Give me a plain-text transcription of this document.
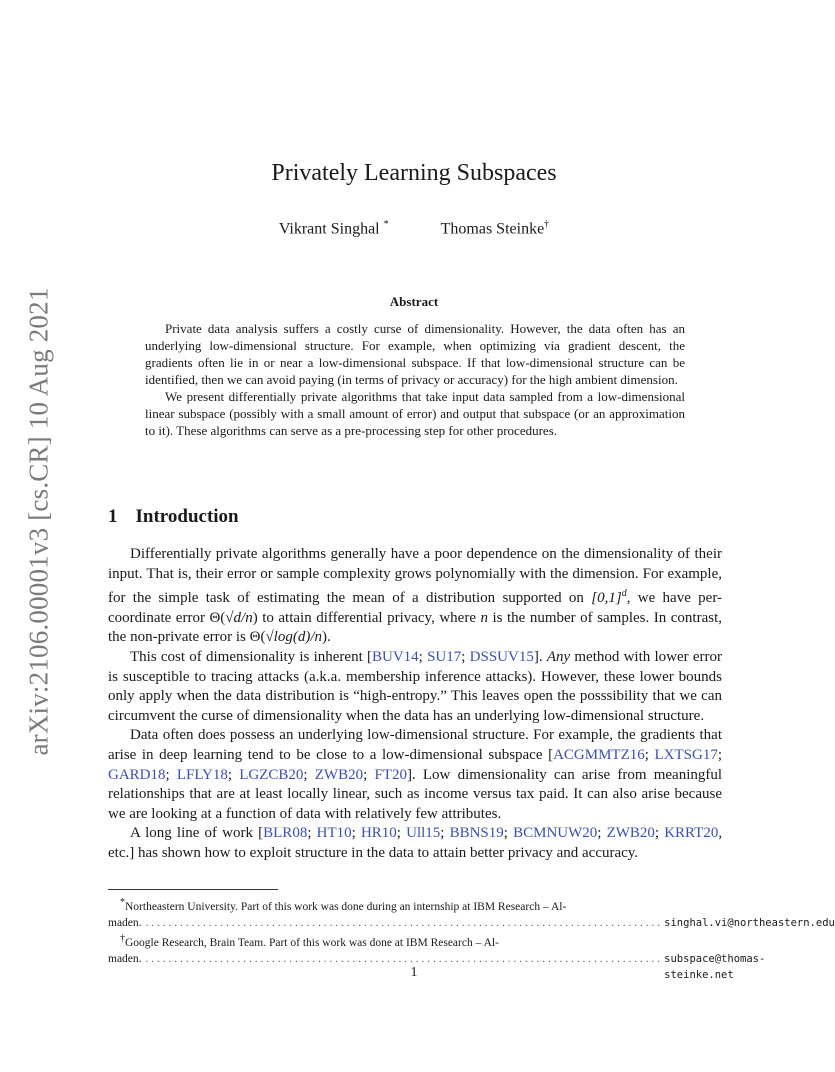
arXiv:2106.00001v3 [cs.CR] 10 Aug 2021
Privately Learning Subspaces
Vikrant Singhal *	Thomas Steinke†
Abstract

Private data analysis suffers a costly curse of dimensionality. However, the data often has an underlying low-dimensional structure. For example, when optimizing via gradient descent, the gradients often lie in or near a low-dimensional subspace. If that low-dimensional structure can be identified, then we can avoid paying (in terms of privacy or accuracy) for the high ambient dimension.

We present differentially private algorithms that take input data sampled from a low-dimensional linear subspace (possibly with a small amount of error) and output that subspace (or an approximation to it). These algorithms can serve as a pre-processing step for other procedures.

1 Introduction

Differentially private algorithms generally have a poor dependence on the dimensionality of their input. That is, their error or sample complexity grows polynomially with the dimension. For example, for the simple task of estimating the mean of a distribution supported on $[0,1]^d$, we have per-coordinate error Θ(√d/n) to attain differential privacy, where n is the number of samples. In contrast, the non-private error is Θ(√log(d)/n).

This cost of dimensionality is inherent [BUV14; SU17; DSSUV15]. Any method with lower error is susceptible to tracing attacks (a.k.a. membership inference attacks). However, these lower bounds only apply when the data distribution is “high-entropy.” This leaves open the posssibility that we can circumvent the curse of dimensionality when the data has an underlying low-dimensional structure.

Data often does possess an underlying low-dimensional structure. For example, the gradients that arise in deep learning tend to be close to a low-dimensional subspace [ACGMMTZ16; LXTSG17; GARD18; LFLY18; LGZCB20; ZWB20; FT20]. Low dimensionality can arise from meaningful relationships that are at least locally linear, such as income versus tax paid. It can also arise because we are looking at a function of data with relatively few attributes.

A long line of work [BLR08; HT10; HR10; Ull15; BBNS19; BCMNUW20; ZWB20; KRRT20, etc.] has shown how to exploit structure in the data to attain better privacy and accuracy.

*Northeastern University. Part of this work was done during an internship at IBM Research – Al-
maden. . . . . . . . . . . . . . . . . . . . . . . . . . . . . . . . . . . . . . . . . . . . . . . . . . . . . . . . . . . . . . . . . . . . . . . . . . . . . . . . . . . . . . . . . . . singhal.vi@northeastern.edu
†Google Research, Brain Team. Part of this work was done at IBM Research – Al-
maden. . . . . . . . . . . . . . . . . . . . . . . . . . . . . . . . . . . . . . . . . . . . . . . . . . . . . . . . . . . . . . . . . . . . . . . . . . . . . . . . . . . . . . . . . . . subspace@thomas-steinke.net
1
